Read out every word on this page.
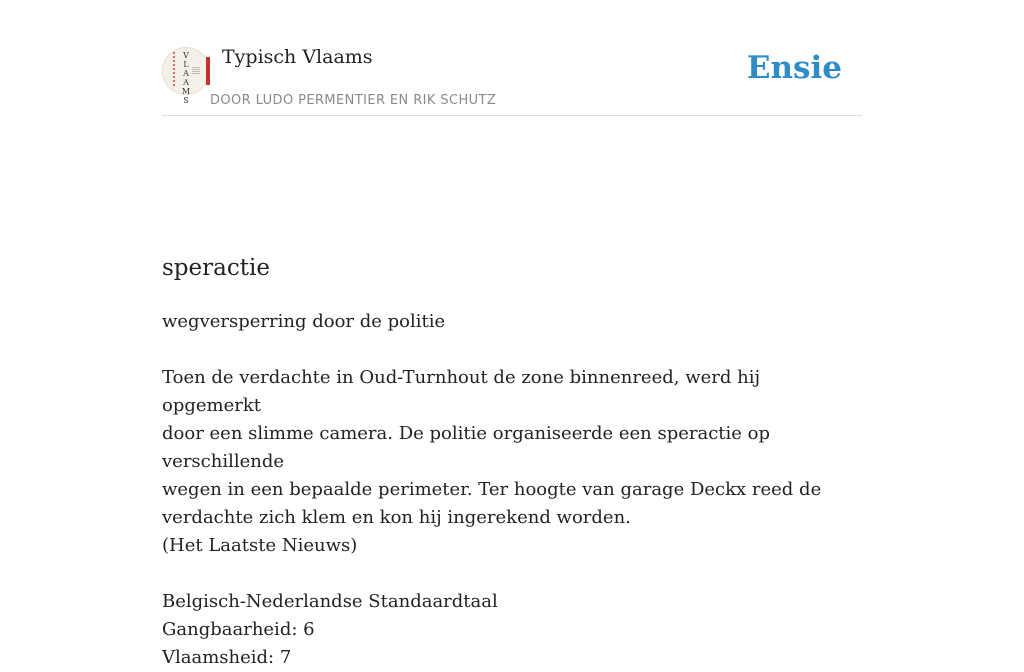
V
L
A
A
M
S
Typisch Vlaams
DOOR LUDO PERMENTIER EN RIK SCHUTZ
Ensie
speractie

wegversperring door de politie

Toen de verdachte in Oud-Turnhout de zone binnenreed, werd hij opgemerkt

door een slimme camera. De politie organiseerde een speractie op verschillende

wegen in een bepaalde perimeter. Ter hoogte van garage Deckx reed de

verdachte zich klem en kon hij ingerekend worden.

(Het Laatste Nieuws)

Belgisch-Nederlandse Standaardtaal

Gangbaarheid: 6

Vlaamsheid: 7
